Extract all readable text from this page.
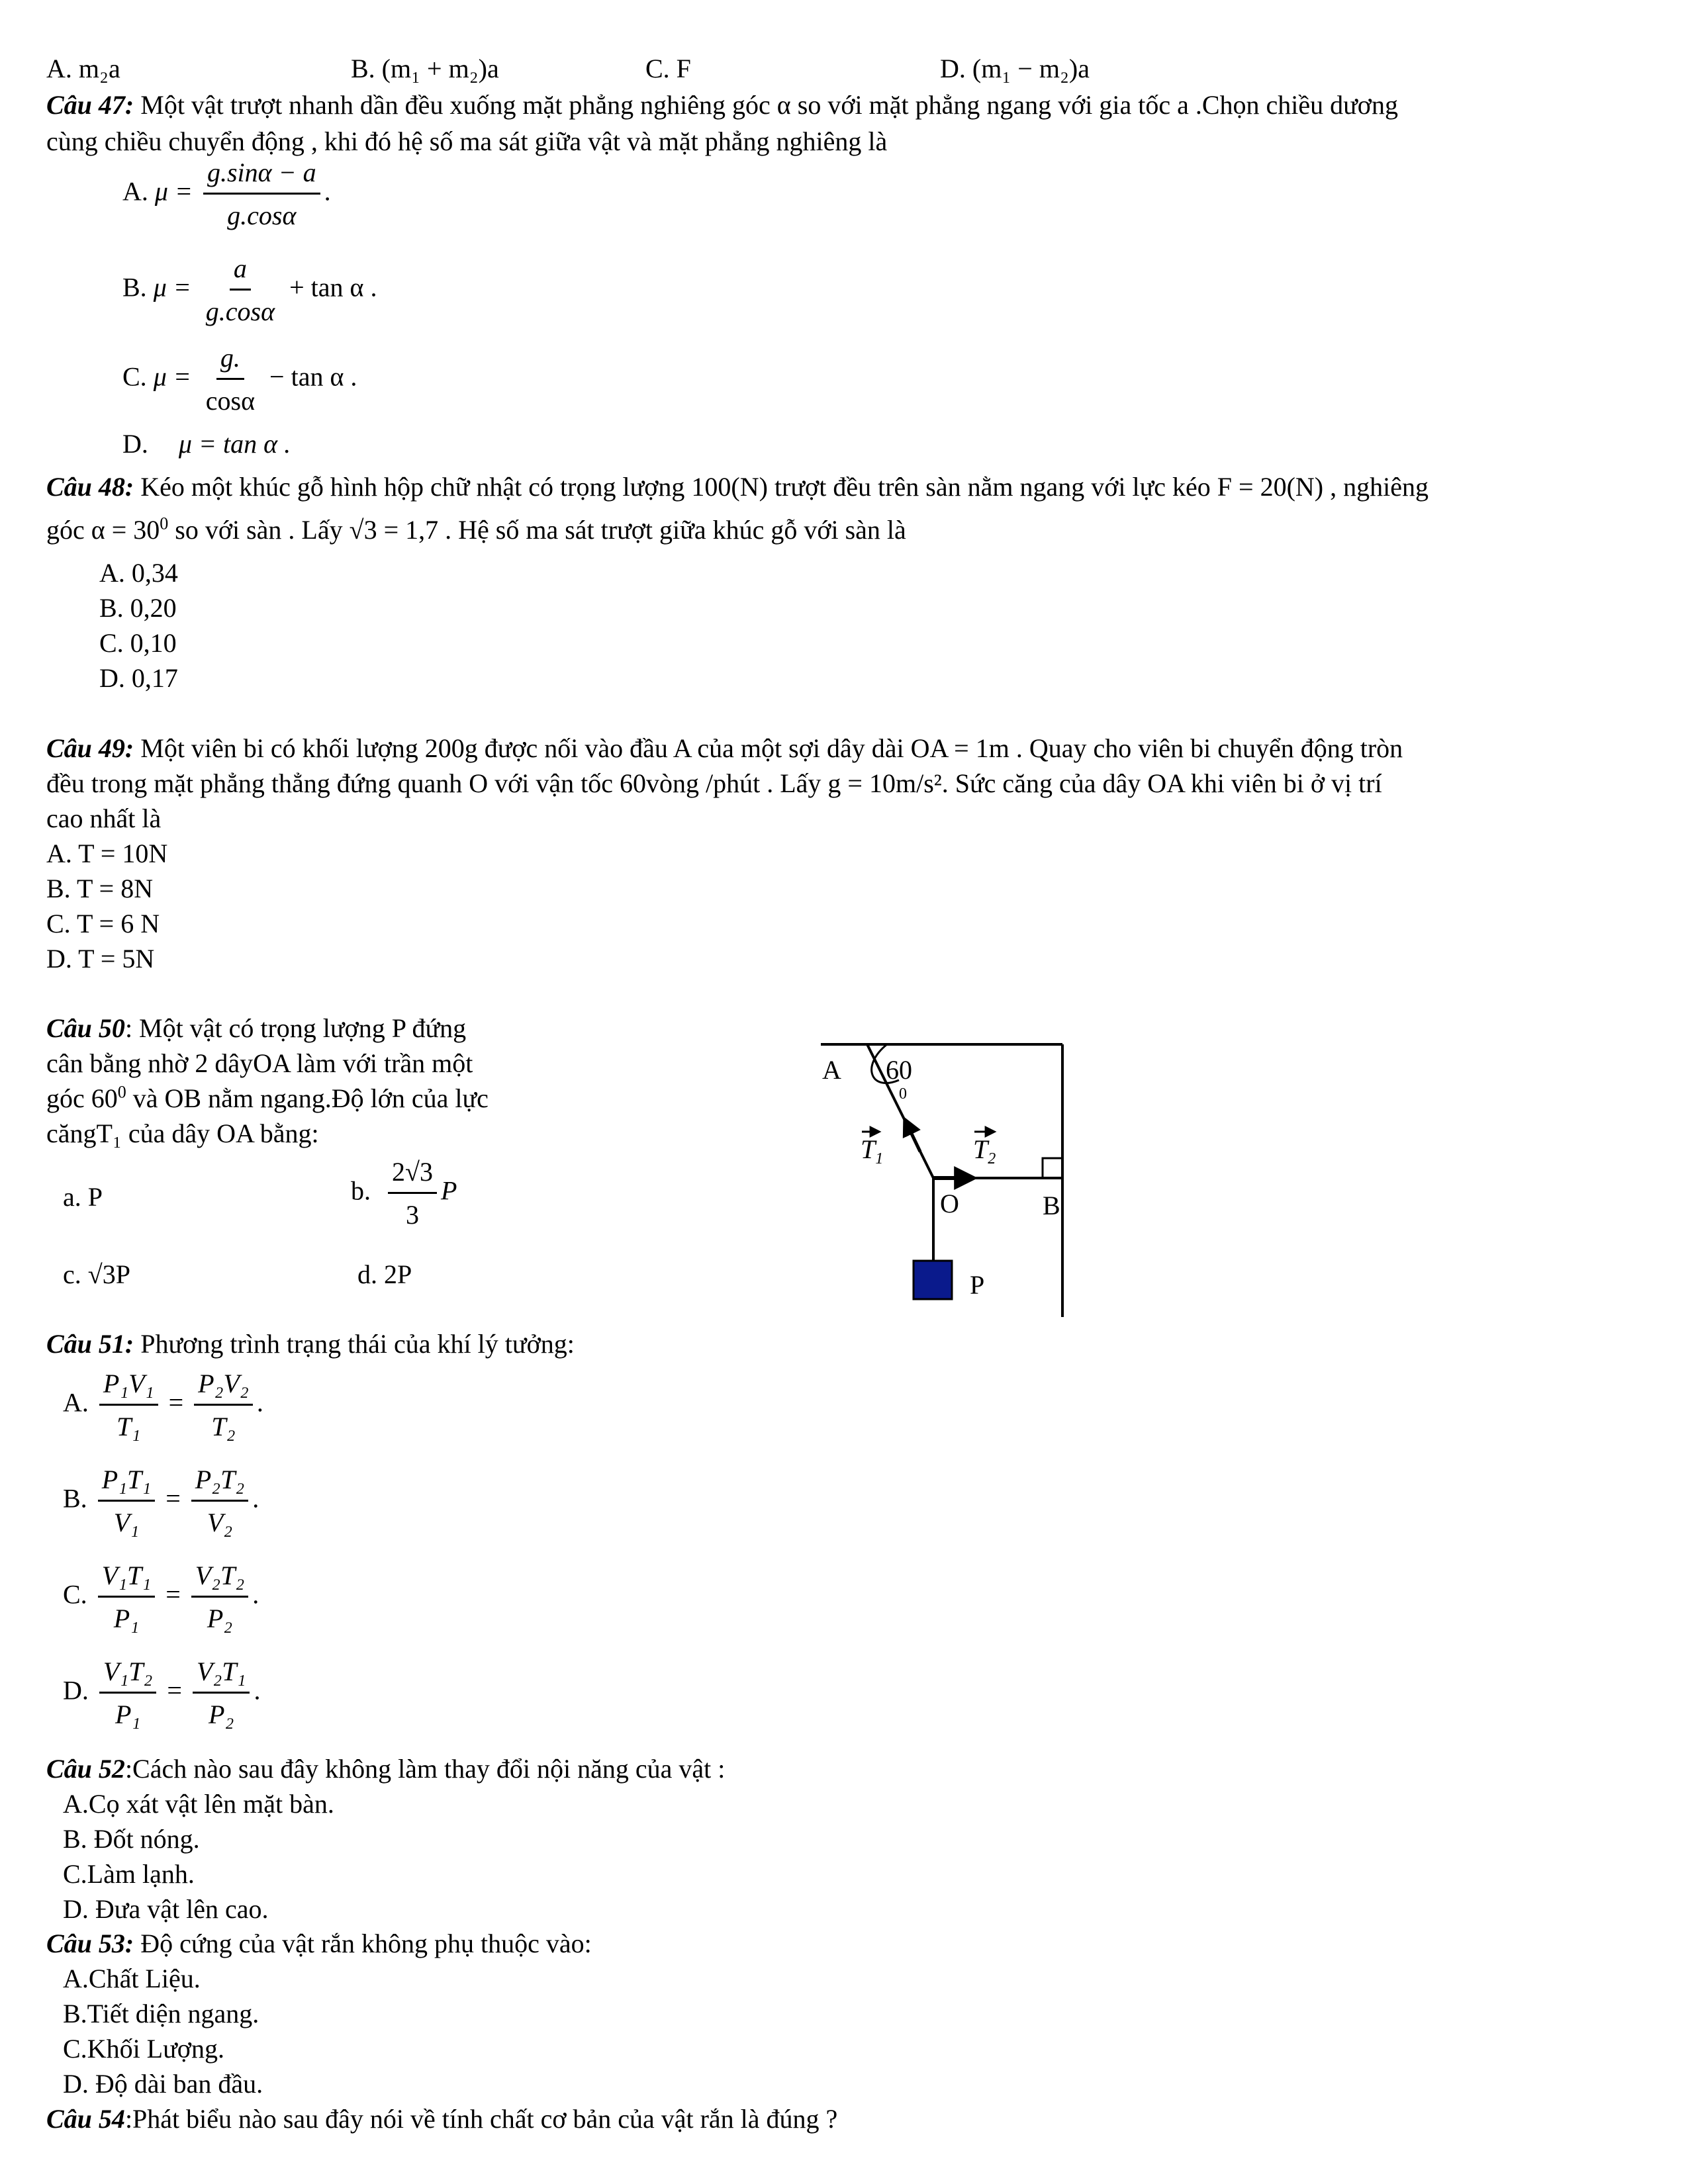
A. m₂a	B. (m₁ + m₂)a	C. F	D. (m₁ − m₂)a
Câu 47: Một vật trượt nhanh dần đều xuống mặt phẳng nghiêng góc α so với mặt phẳng ngang với gia tốc a .Chọn chiều dương
cùng chiều chuyển động , khi đó hệ số ma sát giữa vật và mặt phẳng nghiêng là
A. $\mu = \frac{g.\sin\alpha - a}{g.\cos\alpha}$ .
B. $\mu = \frac{a}{g.\cos\alpha} + \tan \alpha$ .
C. $\mu = \frac{g.}{\cos\alpha} - \tan \alpha$ .
D. μ = tan α .
Câu 48: Kéo một khúc gỗ hình hộp chữ nhật có trọng lượng 100(N) trượt đều trên sàn nằm ngang với lực kéo F = 20(N) , nghiêng
góc $\alpha = 30^0$ so với sàn . Lấy √3 = 1,7 . Hệ số ma sát trượt giữa khúc gỗ với sàn là
A. 0,34
B. 0,20
C. 0,10
D. 0,17
Câu 49: Một viên bi có khối lượng 200g được nối vào đầu A của một sợi dây dài OA = 1m . Quay cho viên bi chuyển động tròn
đều trong mặt phẳng thẳng đứng quanh O với vận tốc 60vòng /phút . Lấy g = 10m/s². Sức căng của dây OA khi viên bi ở vị trí
cao nhất là
A. T = 10N
B. T = 8N
C. T = 6 N
D. T = 5N
Câu 50: Một vật có trọng lượng P đứng
cân bằng nhờ 2 dâyOA làm với trần một
góc $60^0$ và OB nằm ngang.Độ lớn của lực
căngT₁ của dây OA bằng:
a. P	b. $\frac{2√3}{3}$ P
c. √3P	d. 2P
A 60
0
$T_1$	$T_2$
O	B
P
Câu 51: Phương trình trạng thái của khí lý tưởng:
A. $\frac{\text{P₁V₁}}{\text{T₁}} = \frac{\text{P₂V₂}}{\text{T₂}}$ .
B. $\frac{\text{P₁T₁}}{\text{V₁}} = \frac{\text{P₂T₂}}{\text{V₂}}$ .
C. $\frac{\text{V₁T₁}}{\text{P₁}} = \frac{\text{V₂T₂}}{\text{P₂}}$ .
D. $\frac{\text{V₁T₂}}{\text{P₁}} = \frac{\text{V₂T₁}}{\text{P₂}}$ .
Câu 52:Cách nào sau đây không làm thay đổi nội năng của vật :
A.Cọ xát vật lên mặt bàn.
B. Đốt nóng.
C.Làm lạnh.
D. Đưa vật lên cao.
Câu 53: Độ cứng của vật rắn không phụ thuộc vào:
A.Chất Liệu.
B.Tiết diện ngang.
C.Khối Lượng.
D. Độ dài ban đầu.
Câu 54:Phát biểu nào sau đây nói về tính chất cơ bản của vật rắn là đúng ?
